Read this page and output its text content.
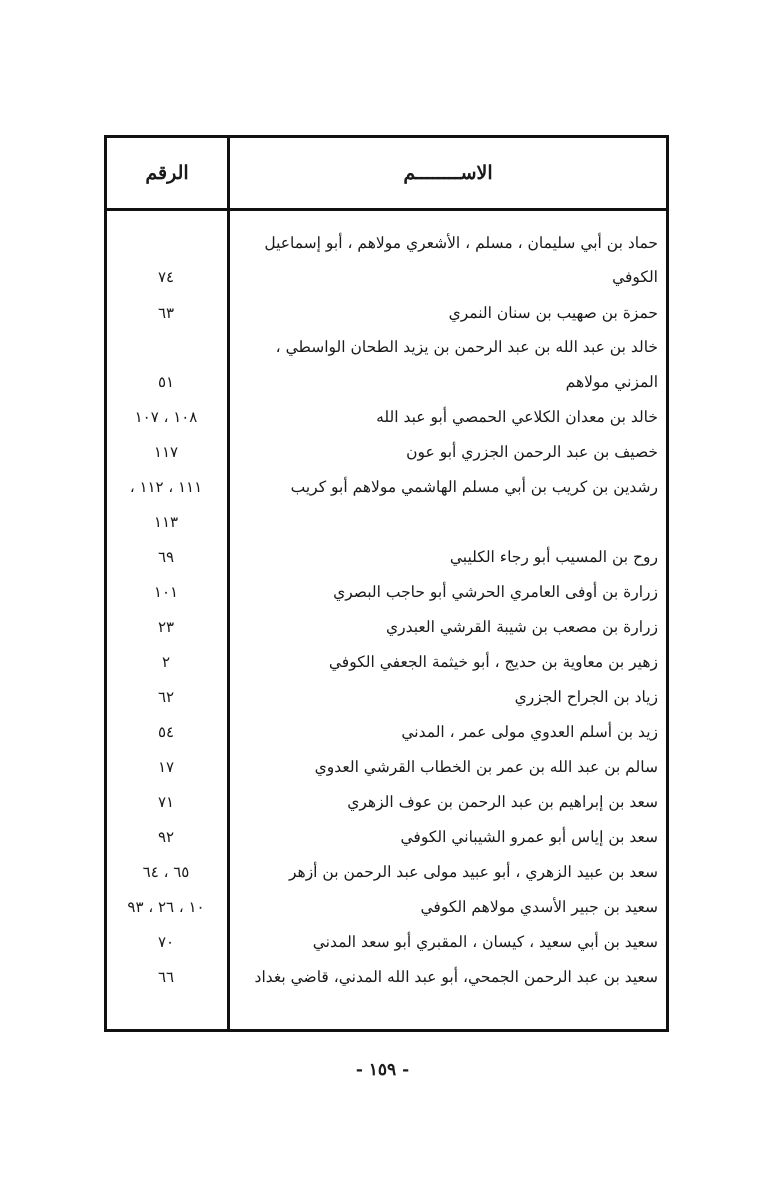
الرقم	الاســــــــم
حماد بن أبي سليمان ، مسلم ، الأشعري مولاهم ، أبو إسماعيل
الكوفي
٧٤
حمزة بن صهيب بن سنان النمري
٦٣
خالد بن عبد الله بن عبد الرحمن بن يزيد الطحان الواسطي ،
المزني مولاهم
٥١
خالد بن معدان الكلاعي الحمصي أبو عبد الله
١٠٨ ، ١٠٧
خصيف بن عبد الرحمن الجزري أبو عون
١١٧
رشدين بن كريب بن أبي مسلم الهاشمي مولاهم أبو كريب
١١١ ، ١١٢ ،
١١٣
روح بن المسيب أبو رجاء الكليبي
٦٩
زرارة بن أوفى العامري الحرشي أبو حاجب البصري
١٠١
زرارة بن مصعب بن شيبة القرشي العبدري
٢٣
زهير بن معاوية بن حديج ، أبو خيثمة الجعفي الكوفي
٢
زياد بن الجراح الجزري
٦٢
زيد بن أسلم العدوي مولى عمر ، المدني
٥٤
سالم بن عبد الله بن عمر بن الخطاب القرشي العدوي
١٧
سعد بن إبراهيم بن عبد الرحمن بن عوف الزهري
٧١
سعد بن إياس أبو عمرو الشيباني الكوفي
٩٢
سعد بن عبيد الزهري ، أبو عبيد مولى عبد الرحمن بن أزهر
٦٥ ، ٦٤
سعيد بن جبير الأسدي مولاهم الكوفي
١٠ ، ٢٦ ، ٩٣
سعيد بن أبي سعيد ، كيسان ، المقبري أبو سعد المدني
٧٠
سعيد بن عبد الرحمن الجمحي، أبو عبد الله المدني، قاضي بغداد
٦٦
- ١٥٩ -
